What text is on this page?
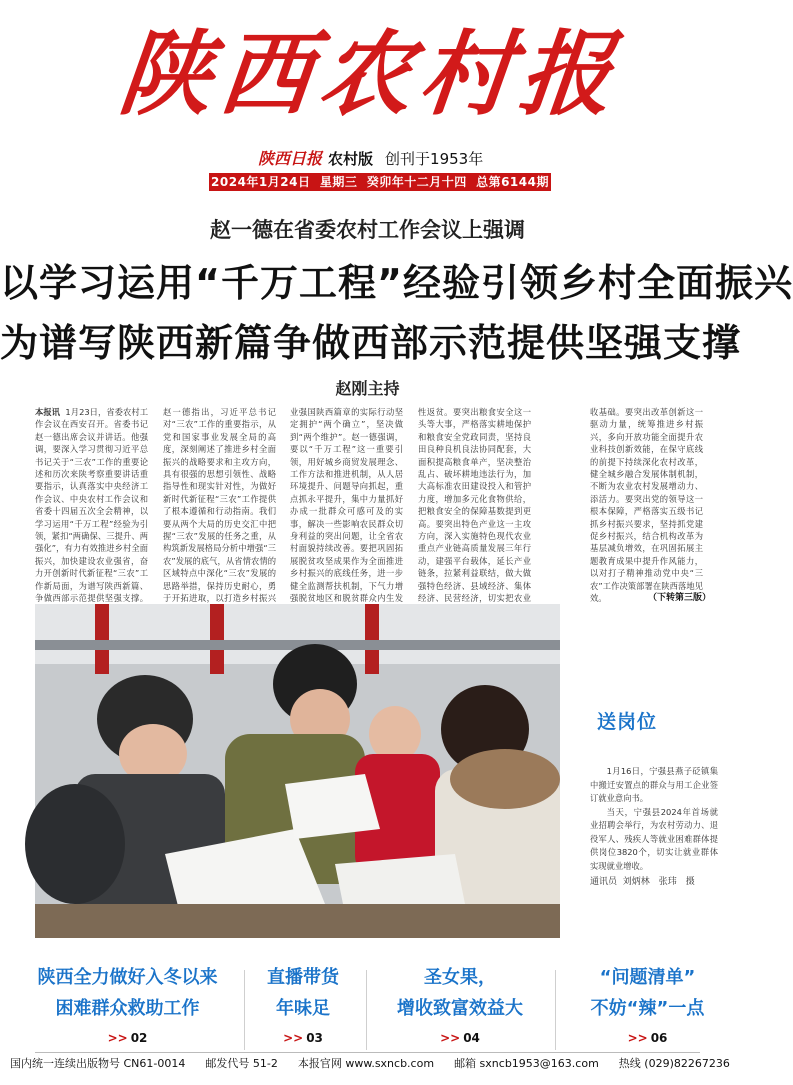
陕西农村报
陕西日报 农村版 创刊于1953年
2024年1月24日 星期三 癸卯年十二月十四 总第6144期
赵一德在省委农村工作会议上强调
以学习运用“千万工程”经验引领乡村全面振兴
为谱写陕西新篇争做西部示范提供坚强支撑
赵刚主持
本报讯 1月23日，省委农村工作会议在西安召开。省委书记赵一德出席会议并讲话。他强调，要深入学习贯彻习近平总书记关于“三农”工作的重要论述和历次来陕考察重要讲话重要指示，认真落实中央经济工作会议、中央农村工作会议和省委十四届五次全会精神，以学习运用“千万工程”经验为引领，紧扣“两确保、三提升、两强化”，有力有效推进乡村全面振兴，加快建设农业强省，奋力开创新时代新征程“三农”工作新局面，为谱写陕西新篇、争做西部示范提供坚强支撑。
赵一德指出，习近平总书记对“三农”工作的重要指示，从党和国家事业发展全局的高度，深刻阐述了推进乡村全面振兴的战略要求和主攻方向，具有很强的思想引领性、战略指导性和现实针对性，为做好新时代新征程“三农”工作提供了根本遵循和行动指南。我们要从两个大局的历史交汇中把握“三农”发展的任务之重，从构筑新发展格局分析中增强“三农”发展的底气，从省情农情的区域特点中深化“三农”发展的思路举措，保持历史耐心，勇于开拓进取，以打造乡村振兴
业强国陕西篇章的实际行动坚定拥护“两个确立”，坚决做到“两个维护”。赵一德强调，要以“千万工程”这一重要引领，用好城乡商贸发展理念、工作方法和推进机制，从人居环境提升、问题导向抓起，重点抓永平提升，集中力量抓好办成一批群众可感可及的实事，解决一些影响农民群众切身利益的突出问题，让全省农村面貌持续改善。要把巩固拓展脱贫攻坚成果作为全面推进乡村振兴的底线任务，进一步健全监测帮扶机制，下气力增强脱贫地区和脱贫群众内生发
性返贫。要突出粮食安全这一头等大事，严格落实耕地保护和粮食安全党政同责，坚持良田良种良机良法协同配套，大面积提高粮食单产，坚决整治乱占、破坏耕地违法行为，加大高标准农田建设投入和管护力度，增加多元化食物供给，把粮食安全的保障基数提到更高。要突出特色产业这一主攻方向，深入实施特色现代农业重点产业链高质量发展三年行动，建强平台载体，延长产业链条，拉紧利益联结，做大做强特色经济、县域经济、集体经济、民营经济，切实把农业
收基础。要突出改革创新这一驱动力量，统筹推进乡村振兴，多向开放功能全面提升农业科技创新效能，在保守底线的前提下持续深化农村改革，健全城乡融合发展体制机制，不断为农业农村发展增动力、添活力。要突出党的领导这一根本保障，严格落实五级书记抓乡村振兴要求，坚持抓党建促乡村振兴，结合机构改革为基层减负增效，在巩固拓展主题教育成果中提升作风能力，以对打子精神推动党中央“三农”工作决策部署在陕西落地见效。	（下转第三版）
送岗位
1月16日，宁强县燕子砭镇集中搬迁安置点的群众与用工企业签订就业意向书。
当天，宁强县2024年首场就业招聘会举行，为农村劳动力、退役军人、残疾人等就业困难群体提供岗位3820个，切实让就业群体实现就业增收。
通讯员 刘炳林　张玮　摄
陕西全力做好入冬以来
困难群众救助工作
>> 02
直播带货
年味足
>> 03
圣女果，
增收致富效益大
>> 04
“问题清单”
不妨“辣”一点
>> 06
国内统一连续出版物号 CN61-0014 邮发代号 51-2 本报官网 www.sxncb.com 邮箱 sxncb1953@163.com 热线 (029)82267236
